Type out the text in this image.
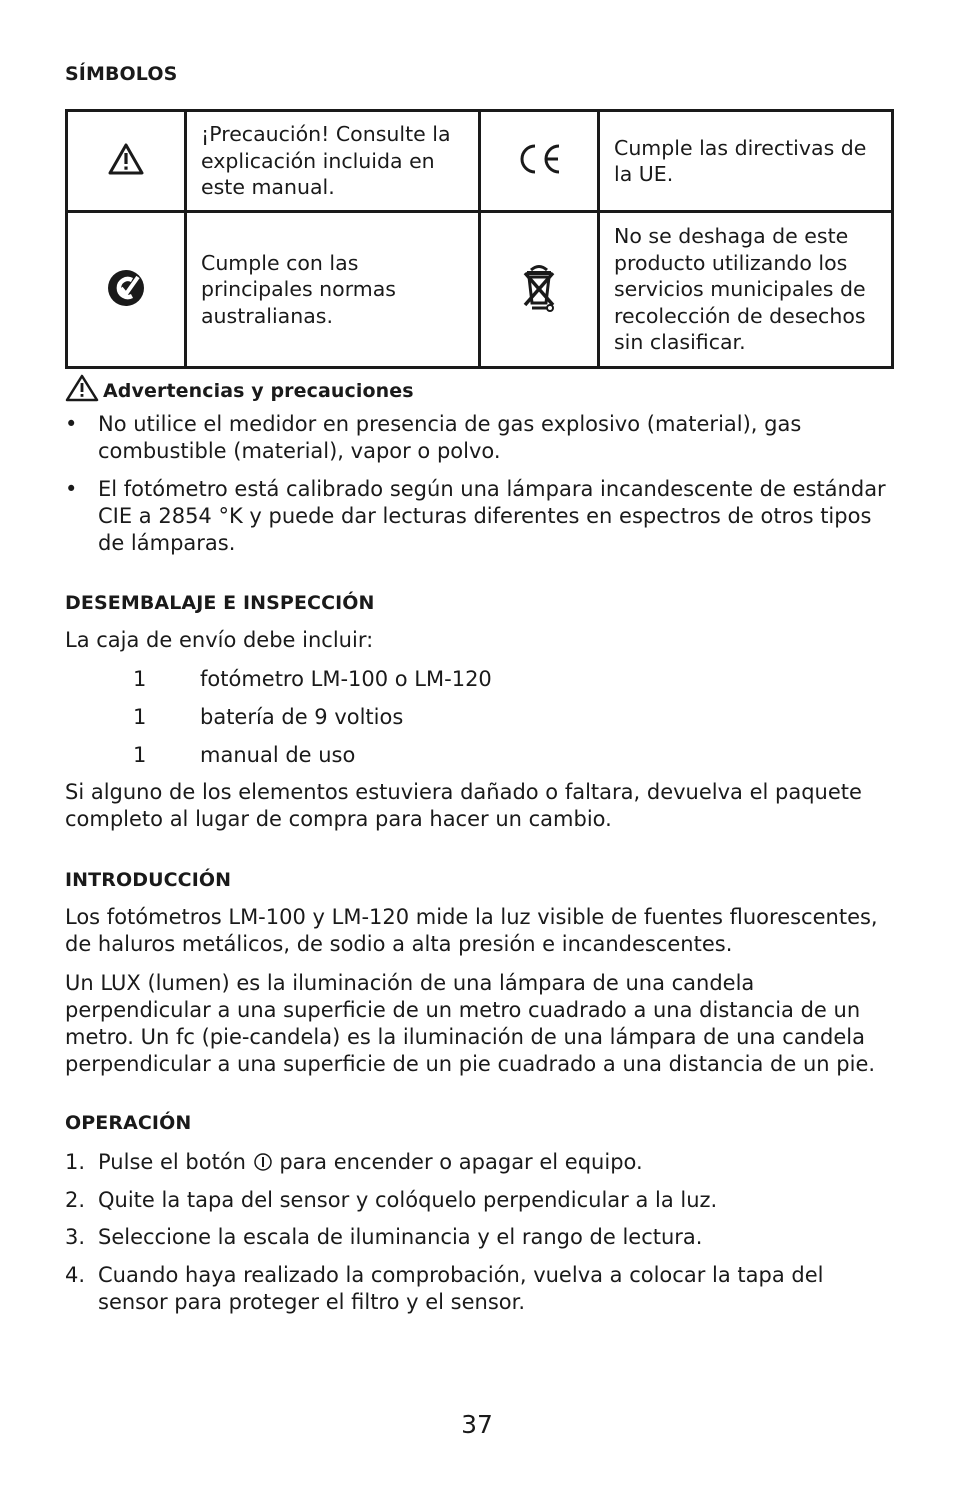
SÍMBOLOS
	¡Precaución! Consulte la explicación incluida en este manual.		Cumple las directivas de la UE.
	Cumple con las principales normas australianas.		No se deshaga de este producto utilizando los servicios municipales de recolección de desechos sin clasificar.
Advertencias y precauciones
• No utilice el medidor en presencia de gas explosivo (material), gas combustible (material), vapor o polvo.
• El fotómetro está calibrado según una lámpara incandescente de estándar CIE a 2854 °K y puede dar lecturas diferentes en espectros de otros tipos de lámparas.
DESEMBALAJE E INSPECCIÓN
La caja de envío debe incluir:
1	fotómetro LM-100 o LM-120
1	batería de 9 voltios
1	manual de uso
Si alguno de los elementos estuviera dañado o faltara, devuelva el paquete completo al lugar de compra para hacer un cambio.
INTRODUCCIÓN
Los fotómetros LM-100 y LM-120 mide la luz visible de fuentes fluorescentes, de haluros metálicos, de sodio a alta presión e incandescentes.
Un LUX (lumen) es la iluminación de una lámpara de una candela perpendicular a una superficie de un metro cuadrado a una distancia de un metro. Un fc (pie-candela) es la iluminación de una lámpara de una candela perpendicular a una superficie de un pie cuadrado a una distancia de un pie.
OPERACIÓN
1. Pulse el botón  para encender o apagar el equipo.
2. Quite la tapa del sensor y colóquelo perpendicular a la luz.
3. Seleccione la escala de iluminancia y el rango de lectura.
4. Cuando haya realizado la comprobación, vuelva a colocar la tapa del sensor para proteger el filtro y el sensor.
37
